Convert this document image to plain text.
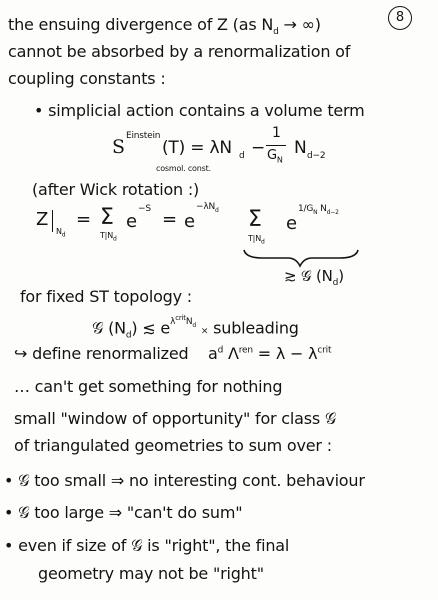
8

the ensuing divergence of Z (as $N_d$ → ∞)

cannot be absorbed by a renormalization of

coupling constants :

• simplicial action contains a volume term

S Einstein
(T) = λN d −
1
$G_N$
N d−2
cosmol. const.

(after Wick rotation :)

Z
$N_d$
= Σ
$T|N_d$
e
−S = e
$-\lambda N_d$ Σ
$T|N_d$
e
$1/G_N$ $N_{d-2}$
≳ 𝒢 $(N_d)$

for fixed ST topology :

𝒢 $(N_d)$ ≲ $e^{\lambda^{crit}N_d}$ × subleading

↪ define renormalized $a^d$ $\Lambda^{ren} = \lambda - \lambda^{crit}$

… can't get something for nothing

small "window of opportunity" for class 𝒢

of triangulated geometries to sum over :

• 𝒢 too small ⇒ no interesting cont. behaviour

• 𝒢 too large ⇒ "can't do sum"

• even if size of 𝒢 is "right", the final

geometry may not be "right"
